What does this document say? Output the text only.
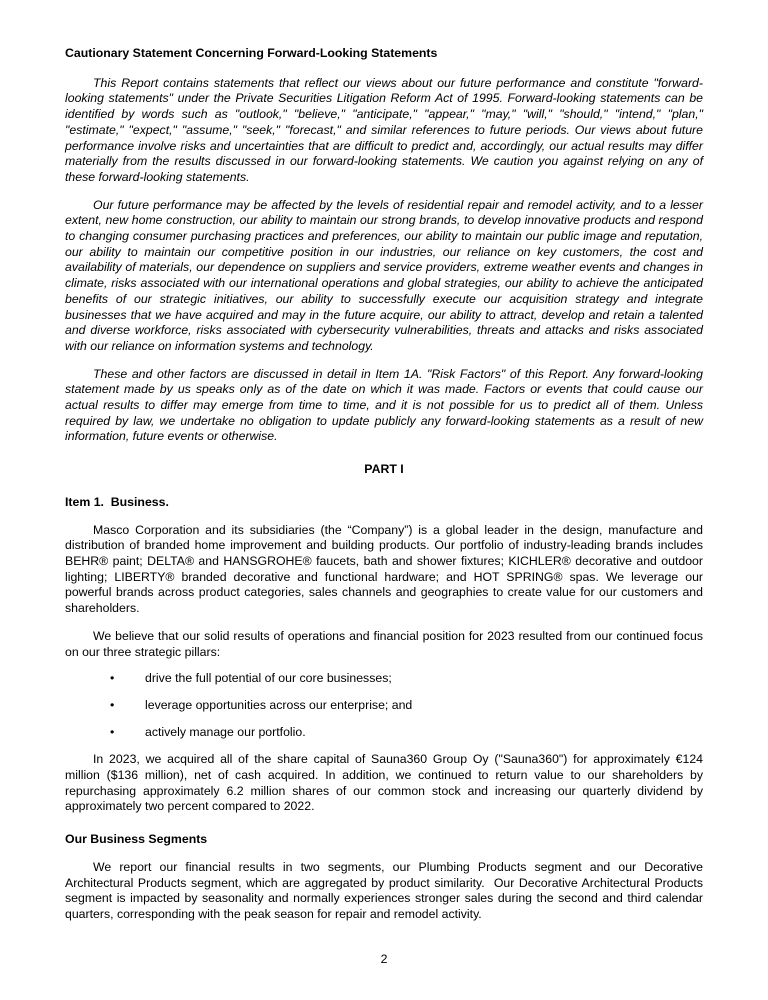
Cautionary Statement Concerning Forward-Looking Statements

This Report contains statements that reflect our views about our future performance and constitute "forward-looking statements" under the Private Securities Litigation Reform Act of 1995. Forward-looking statements can be identified by words such as "outlook," "believe," "anticipate," "appear," "may," "will," "should," "intend," "plan," "estimate," "expect," "assume," "seek," "forecast," and similar references to future periods. Our views about future performance involve risks and uncertainties that are difficult to predict and, accordingly, our actual results may differ materially from the results discussed in our forward-looking statements. We caution you against relying on any of these forward-looking statements.

Our future performance may be affected by the levels of residential repair and remodel activity, and to a lesser extent, new home construction, our ability to maintain our strong brands, to develop innovative products and respond to changing consumer purchasing practices and preferences, our ability to maintain our public image and reputation, our ability to maintain our competitive position in our industries, our reliance on key customers, the cost and availability of materials, our dependence on suppliers and service providers, extreme weather events and changes in climate, risks associated with our international operations and global strategies, our ability to achieve the anticipated benefits of our strategic initiatives, our ability to successfully execute our acquisition strategy and integrate businesses that we have acquired and may in the future acquire, our ability to attract, develop and retain a talented and diverse workforce, risks associated with cybersecurity vulnerabilities, threats and attacks and risks associated with our reliance on information systems and technology.

These and other factors are discussed in detail in Item 1A. "Risk Factors" of this Report. Any forward-looking statement made by us speaks only as of the date on which it was made. Factors or events that could cause our actual results to differ may emerge from time to time, and it is not possible for us to predict all of them. Unless required by law, we undertake no obligation to update publicly any forward-looking statements as a result of new information, future events or otherwise.

PART I
Item 1.  Business.

Masco Corporation and its subsidiaries (the “Company”) is a global leader in the design, manufacture and distribution of branded home improvement and building products. Our portfolio of industry-leading brands includes BEHR® paint; DELTA® and HANSGROHE® faucets, bath and shower fixtures; KICHLER® decorative and outdoor lighting; LIBERTY® branded decorative and functional hardware; and HOT SPRING® spas. We leverage our powerful brands across product categories, sales channels and geographies to create value for our customers and shareholders.

We believe that our solid results of operations and financial position for 2023 resulted from our continued focus on our three strategic pillars:

• drive the full potential of our core businesses;
• leverage opportunities across our enterprise; and
• actively manage our portfolio.

In 2023, we acquired all of the share capital of Sauna360 Group Oy ("Sauna360") for approximately €124 million ($136 million), net of cash acquired. In addition, we continued to return value to our shareholders by repurchasing approximately 6.2 million shares of our common stock and increasing our quarterly dividend by approximately two percent compared to 2022.

Our Business Segments

We report our financial results in two segments, our Plumbing Products segment and our Decorative Architectural Products segment, which are aggregated by product similarity.  Our Decorative Architectural Products segment is impacted by seasonality and normally experiences stronger sales during the second and third calendar quarters, corresponding with the peak season for repair and remodel activity.

2
